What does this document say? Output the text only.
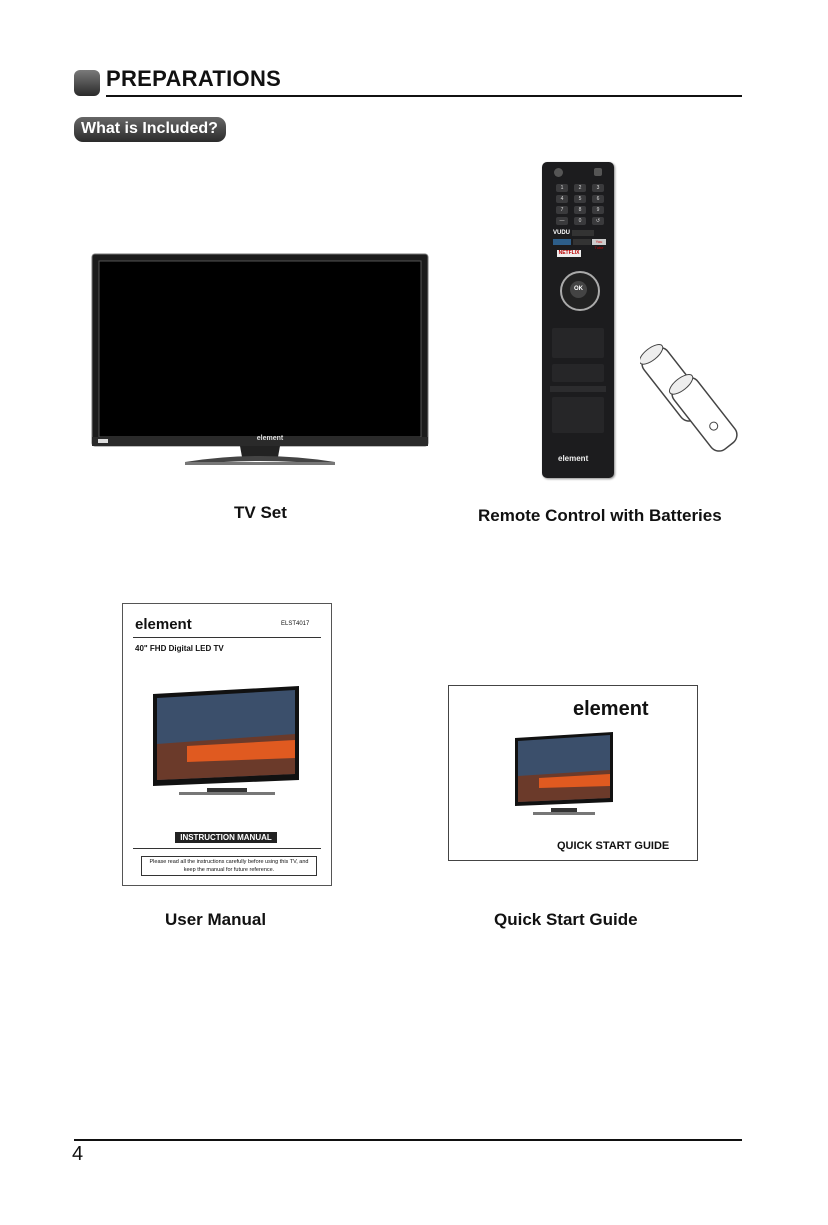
PREPARATIONS
What is Included?
element
1	2	3
4	5	6
7	8	9
—	0	↺
VUDU
You Tube
NETFLIX
OK
element
TV Set	Remote Control with Batteries
element	ELST4017
40" FHD Digital LED TV
INSTRUCTION MANUAL
Please read all the instructions carefully before using this TV, and keep the manual for future reference.
element
QUICK START GUIDE
User Manual	Quick Start Guide
4
